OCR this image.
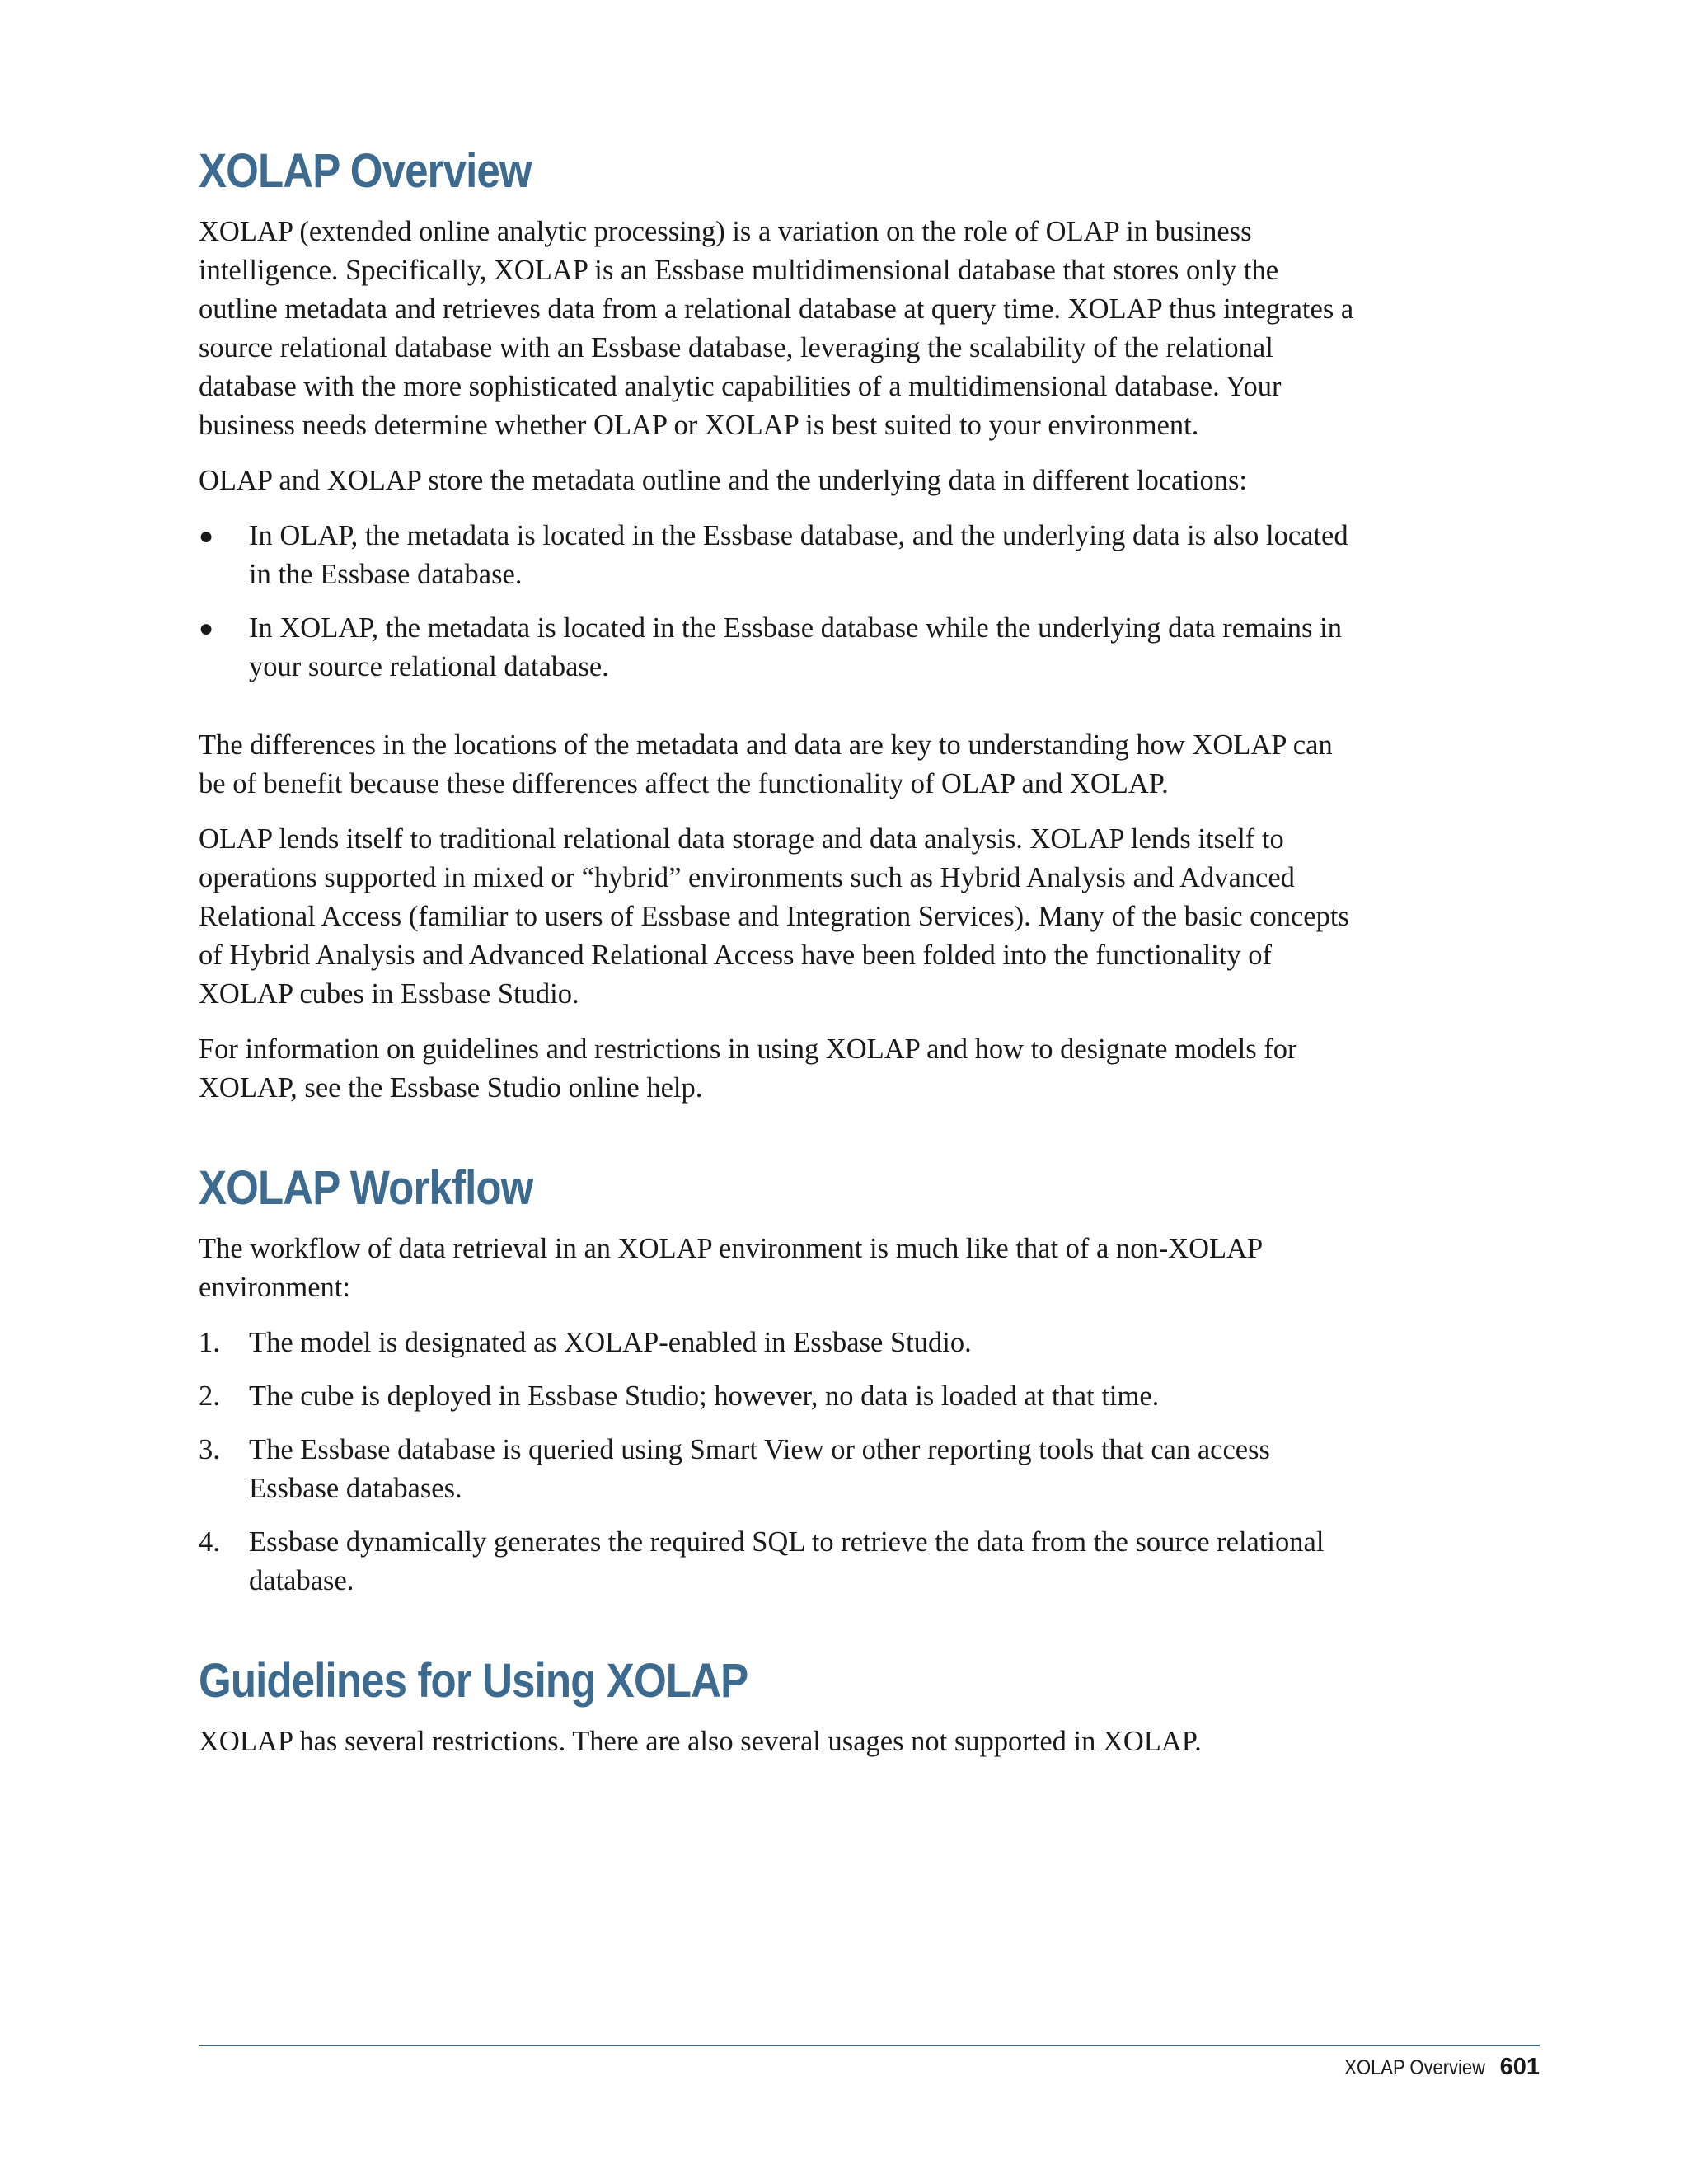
XOLAP Overview

XOLAP (extended online analytic processing) is a variation on the role of OLAP in business intelligence. Specifically, XOLAP is an Essbase multidimensional database that stores only the outline metadata and retrieves data from a relational database at query time. XOLAP thus integrates a source relational database with an Essbase database, leveraging the scalability of the relational database with the more sophisticated analytic capabilities of a multidimensional database. Your business needs determine whether OLAP or XOLAP is best suited to your environment.

OLAP and XOLAP store the metadata outline and the underlying data in different locations:

● In OLAP, the metadata is located in the Essbase database, and the underlying data is also located in the Essbase database.
● In XOLAP, the metadata is located in the Essbase database while the underlying data remains in your source relational database.

The differences in the locations of the metadata and data are key to understanding how XOLAP can be of benefit because these differences affect the functionality of OLAP and XOLAP.

OLAP lends itself to traditional relational data storage and data analysis. XOLAP lends itself to operations supported in mixed or “hybrid” environments such as Hybrid Analysis and Advanced Relational Access (familiar to users of Essbase and Integration Services). Many of the basic concepts of Hybrid Analysis and Advanced Relational Access have been folded into the functionality of XOLAP cubes in Essbase Studio.

For information on guidelines and restrictions in using XOLAP and how to designate models for XOLAP, see the Essbase Studio online help.

XOLAP Workflow

The workflow of data retrieval in an XOLAP environment is much like that of a non-XOLAP environment:

1.	The model is designated as XOLAP-enabled in Essbase Studio.
2.	The cube is deployed in Essbase Studio; however, no data is loaded at that time.
3.	The Essbase database is queried using Smart View or other reporting tools that can access Essbase databases.
4.	Essbase dynamically generates the required SQL to retrieve the data from the source relational database.
Guidelines for Using XOLAP

XOLAP has several restrictions. There are also several usages not supported in XOLAP.

XOLAP Overview 601
